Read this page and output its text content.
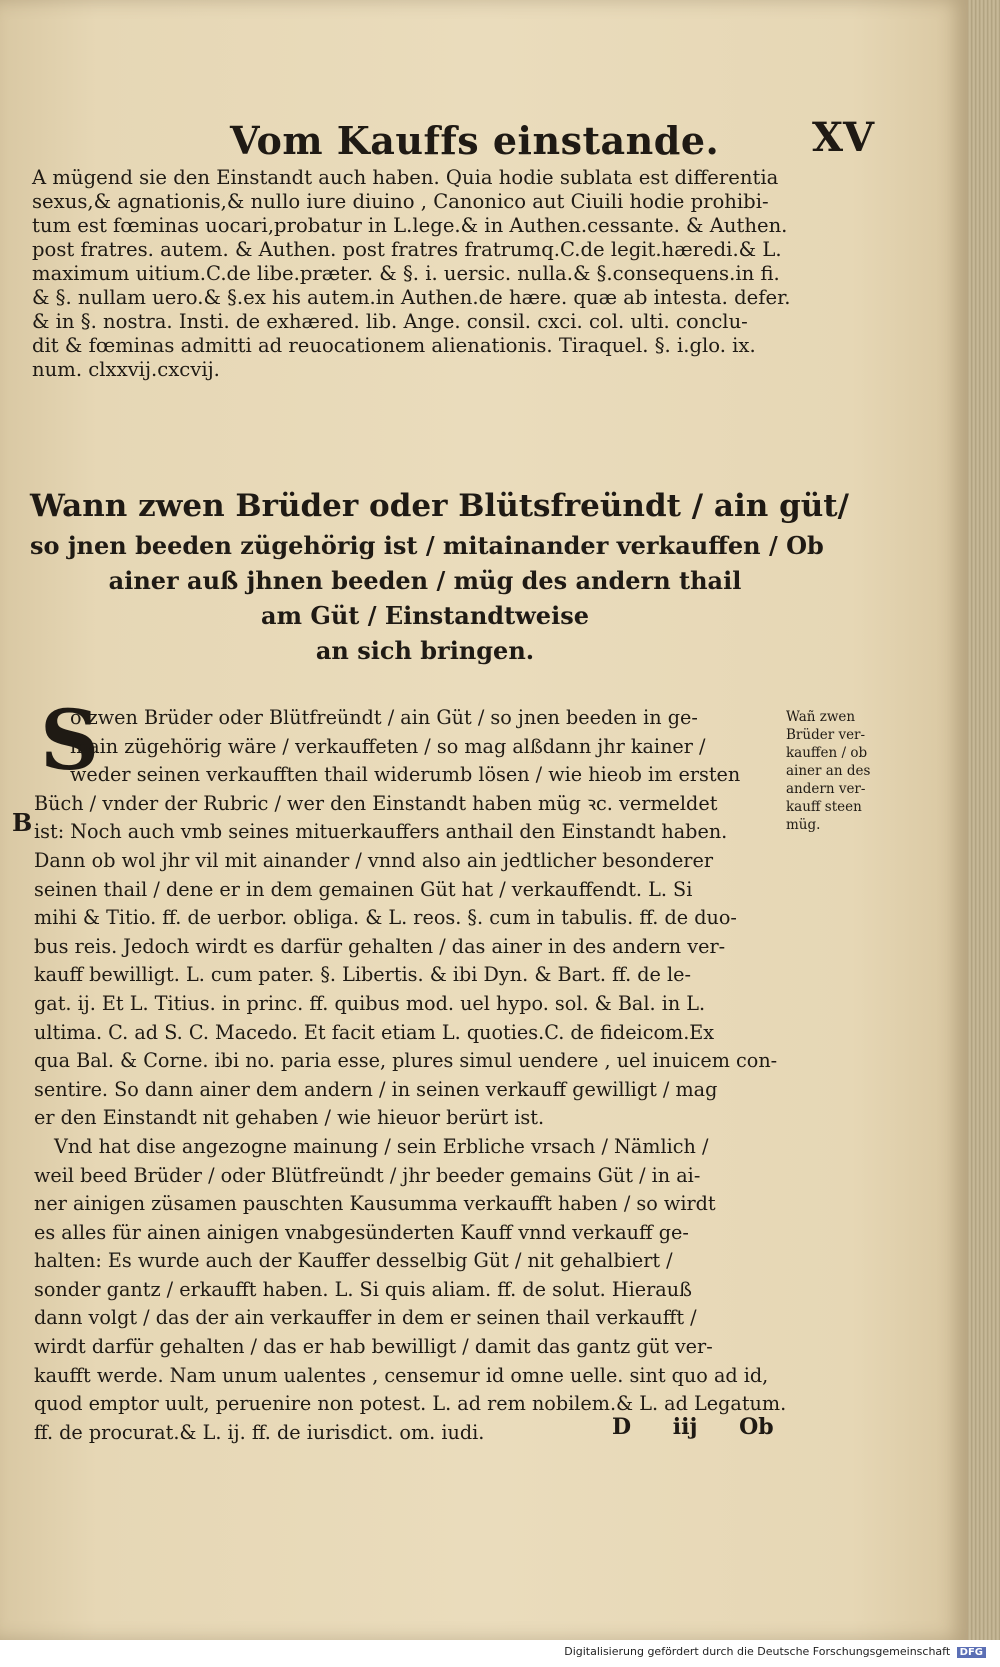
Vom Kauffs einstande. XV
A mügend sie den Einstandt auch haben. Quia hodie sublata est differentia
sexus,& agnationis,& nullo iure diuino , Canonico aut Ciuili hodie prohibi-
tum est fœminas uocari,probatur in L.lege.& in Authen.cessante. & Authen.
post fratres. autem. & Authen. post fratres fratrumq.C.de legit.hæredi.& L.
maximum uitium.C.de libe.præter. & §. i. uersic. nulla.& §.consequens.in fi.
& §. nullam uero.& §.ex his autem.in Authen.de hære. quæ ab intesta. defer.
& in §. nostra. Insti. de exhæred. lib. Ange. consil. cxci. col. ulti. conclu-
dit & fœminas admitti ad reuocationem alienationis. Tiraquel. §. i.glo. ix.
num. clxxvij.cxcvij.
Wann zwen Brüder oder Blütsfreündt / ain güt/
so jnen beeden zügehörig ist / mitainander verkauffen / Ob
ainer auß jhnen beeden / müg des andern thail
am Güt / Einstandtweise
an sich bringen.
S
B
o zwen Brüder oder Blütfreündt / ain Güt / so jnen beeden in ge-
main zügehörig wäre / verkauffeten / so mag alßdann jhr kainer /
weder seinen verkaufften thail widerumb lösen / wie hieob im ersten
Büch / vnder der Rubric / wer den Einstandt haben müg ꝛc. vermeldet
ist: Noch auch vmb seines mituerkauffers anthail den Einstandt haben.
Dann ob wol jhr vil mit ainander / vnnd also ain jedtlicher besonderer
seinen thail / dene er in dem gemainen Güt hat / verkauffendt. L. Si
mihi & Titio. ff. de uerbor. obliga. & L. reos. §. cum in tabulis. ff. de duo-
bus reis. Jedoch wirdt es darfür gehalten / das ainer in des andern ver-
kauff bewilligt. L. cum pater. §. Libertis. & ibi Dyn. & Bart. ff. de le-
gat. ij. Et L. Titius. in princ. ff. quibus mod. uel hypo. sol. & Bal. in L.
ultima. C. ad S. C. Macedo. Et facit etiam L. quoties.C. de fideicom.Ex
qua Bal. & Corne. ibi no. paria esse, plures simul uendere , uel inuicem con-
sentire. So dann ainer dem andern / in seinen verkauff gewilligt / mag
er den Einstandt nit gehaben / wie hieuor berürt ist.
Vnd hat dise angezogne mainung / sein Erbliche vrsach / Nämlich /
weil beed Brüder / oder Blütfreündt / jhr beeder gemains Güt / in ai-
ner ainigen züsamen pauschten Kausumma verkaufft haben / so wirdt
es alles für ainen ainigen vnabgesünderten Kauff vnnd verkauff ge-
halten: Es wurde auch der Kauffer desselbig Güt / nit gehalbiert /
sonder gantz / erkaufft haben. L. Si quis aliam. ff. de solut. Hierauß
dann volgt / das der ain verkauffer in dem er seinen thail verkaufft /
wirdt darfür gehalten / das er hab bewilligt / damit das gantz güt ver-
kaufft werde. Nam unum ualentes , censemur id omne uelle. sint quo ad id,
quod emptor uult, peruenire non potest. L. ad rem nobilem.& L. ad Legatum.
ff. de procurat.& L. ij. ff. de iurisdict. om. iudi.
Wañ zwen
Brüder ver-
kauffen / ob
ainer an des
andern ver-
kauff steen
müg.
D iij Ob
Digitalisierung gefördert durch die Deutsche Forschungsgemeinschaft DFG
